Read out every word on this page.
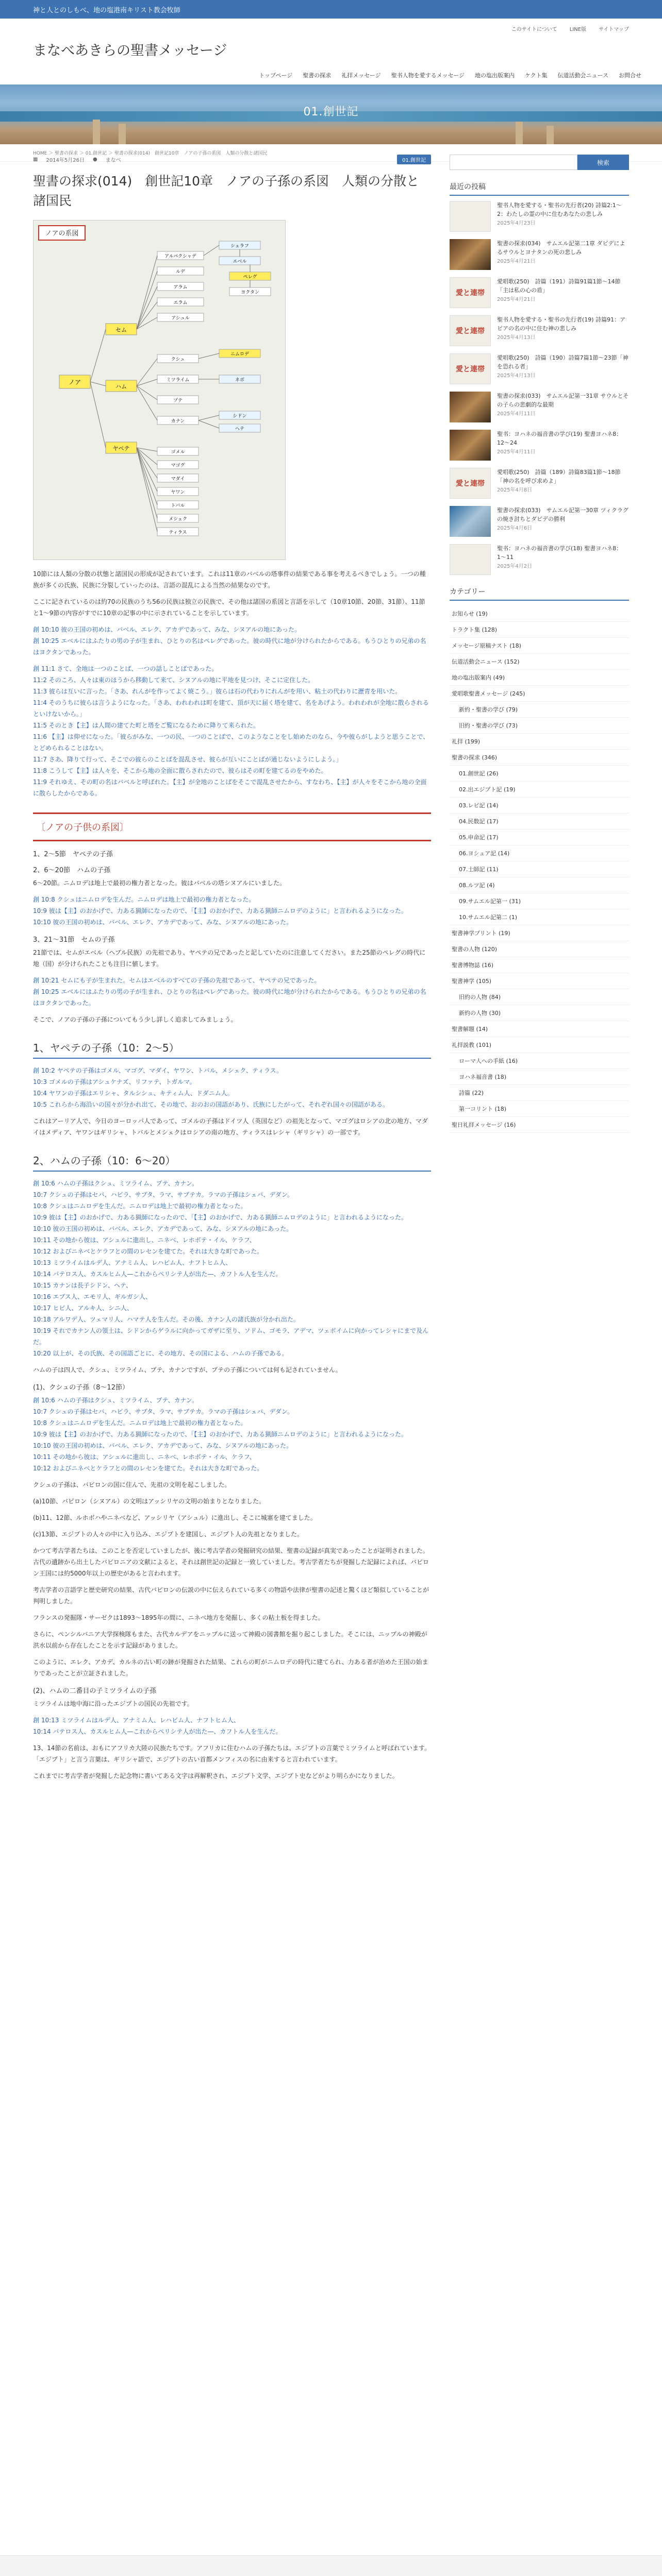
神と人とのしもべ、地の塩港南キリスト教会牧師
このサイトについて LINE版 サイトマップ
まなべあきらの聖書メッセージ
トップページ 聖書の探求 礼拝メッセージ 聖书人物を愛するメッセージ 地の塩出版案内 ケクト集 伝道活動会ニュース お問合せ
01.創世記
HOME ＞ 聖書の探求 ＞ 01.創世記 ＞ 聖書の探求(014)　創世記10章　ノアの子孫の系図　人類の分散と諸国民
▦ 2014年5月26日 ● まなべ	01.創世記
聖書の探求(014)　創世記10章　ノアの子孫の系図　人類の分散と諸国民
ノアの系図
ノア
セム
ハム
ヤペテ
アルパクシャデ
ルデ
アラム
エラム
アシュル
シェラフ
エベル
ペレグ
ヨクタン
クシュ
ミツライム
プテ
カナン
ニムロデ
シドン
ヘテ
ゴメル
マゴグ
マダイ
ヤワン
トバル
メシェク
ティラス
ネボ

10節には人類の分散の状態と諸国民の形成が記されています。これは11章のバベルの塔事件の結果である事を考えるべきでしょう。一つの種族が多くの氏族、民族に分裂していったのは、言語の混乱による当然の結果なのです。

ここに記されているのは約70の民族のうち56の民族は独立の民族で、その他は諸国の系図と言語を示して（10章10節、20節、31節）、11節と1〜9節の内容がすでに10章の記事の中に示されていることを示しています。

創 10:10 彼の王国の初めは、バベル、エレク、アカデであって、みな、シヌアルの地にあった。
創 10:25 エベルにはふたりの男の子が生まれ、ひとりの名はペレグであった。彼の時代に地が分けられたからである。もうひとりの兄弟の名はヨクタンであった。
創 11:1 さて、全地は一つのことば、一つの話しことばであった。
11:2 そのころ、人々は東のほうから移動して来て、シヌアルの地に平地を見つけ、そこに定住した。
11:3 彼らは互いに言った。「さあ、れんがを作ってよく焼こう。」彼らは石の代わりにれんがを用い、粘土の代わりに瀝青を用いた。
11:4 そのうちに彼らは言うようになった。「さあ、われわれは町を建て、頂が天に届く塔を建て、名をあげよう。われわれが全地に散らされるといけないから。」
11:5 そのとき【主】は人間の建てた町と塔をご覧になるために降りて来られた。
11:6 【主】は仰せになった。「彼らがみな、一つの民、一つのことばで、このようなことをし始めたのなら、今や彼らがしようと思うことで、とどめられることはない。
11:7 さあ、降りて行って、そこでの彼らのことばを混乱させ、彼らが互いにことばが通じないようにしよう。」
11:8 こうして【主】は人々を、そこから地の全面に散らされたので、彼らはその町を建てるのをやめた。
11:9 それゆえ、その町の名はバベルと呼ばれた。【主】が全地のことばをそこで混乱させたから、すなわち、【主】が人々をそこから地の全面に散らしたからである。
〔ノアの子供の系図〕
1、2〜5節　ヤペテの子孫
2、6〜20節　ハムの子孫

6〜20節。ニムロデは地上で最初の権力者となった。彼はバベルの塔シヌアルにいました。

創 10:8 クシュはニムロデを生んだ。ニムロデは地上で最初の権力者となった。
10:9 彼は【主】のおかげで、力ある猟師になったので、「【主】のおかげで、力ある猟師ニムロデのように」と言われるようになった。
10:10 彼の王国の初めは、バベル、エレク、アカデであって、みな、シヌアルの地にあった。
3、21〜31節　セムの子孫

21節では、セムがエベル（ヘブル民族）の先祖であり、ヤペテの兄であったと記していたのに注意してください。また25節のペレグの時代に地（国）が分けられたことも注目に値します。

創 10:21 セムにも子が生まれた。セムはエベルのすべての子孫の先祖であって、ヤペテの兄であった。
創 10:25 エベルにはふたりの男の子が生まれ、ひとりの名はペレグであった。彼の時代に地が分けられたからである。もうひとりの兄弟の名はヨクタンであった。

そこで、ノアの子孫の子孫についてもう少し詳しく追求してみましょう。

1、ヤペテの子孫（10：2〜5）
創 10:2 ヤペテの子孫はゴメル、マゴグ、マダイ、ヤワン、トバル、メシェク、ティラス。
10:3 ゴメルの子孫はアシュケナズ、リファテ、トガルマ。
10:4 ヤワンの子孫はエリシャ、タルシシュ、キティム人、ドダニム人。
10:5 これらから海沿いの国々が分かれ出て、その地で、おのおの国語があり、氏族にしたがって、それぞれ国々の国語がある。

これはアーリア人で、今日のヨーロッパ人であって、ゴメルの子孫はドイツ人（英国など）の祖先となって、マゴグはロシアの北の地方、マダイはメディア、ヤワンはギリシャ、トバルとメシェクはロシアの南の地方、ティラスはレシャ（ギリシャ）の一部です。

2、ハムの子孫（10：6〜20）
創 10:6 ハムの子孫はクシュ、ミツライム、プテ、カナン。
10:7 クシュの子孫はセバ、ハビラ、サブタ、ラマ、サブテカ。ラマの子孫はシェバ、デダン。
10:8 クシュはニムロデを生んだ。ニムロデは地上で最初の権力者となった。
10:9 彼は【主】のおかげで、力ある猟師になったので、「【主】のおかげで、力ある猟師ニムロデのように」と言われるようになった。
10:10 彼の王国の初めは、バベル、エレク、アカデであって、みな、シヌアルの地にあった。
10:11 その地から彼は、アシュルに進出し、ニネベ、レホボテ・イル、ケラフ、
10:12 およびニネベとケラフとの間のレセンを建てた。それは大きな町であった。
10:13 ミツライムはルデ人、アナミム人、レハビム人、ナフトヒム人、
10:14 パテロス人、カスルヒム人—これからペリシテ人が出た—、カフトル人を生んだ。
10:15 カナンは長子シドン、ヘテ、
10:16 エブス人、エモリ人、ギルガシ人、
10:17 ヒビ人、アルキ人、シニ人、
10:18 アルワデ人、ツェマリ人、ハマテ人を生んだ。その後、カナン人の諸氏族が分かれ出た。
10:19 それでカナン人の領土は、シドンからゲラルに向かってガザに至り、ソドム、ゴモラ、アデマ、ツェボイムに向かってレシャにまで及んだ。
10:20 以上が、その氏族、その国語ごとに、その地方、その国による、ハムの子孫である。

ハムの子は四人で、クシュ、ミツライム、プテ、カナンですが、プテの子孫については何も記されていません。

(1)、クシュの子孫（8〜12節）
創 10:6 ハムの子孫はクシュ、ミツライム、プテ、カナン。
10:7 クシュの子孫はセバ、ハビラ、サブタ、ラマ、サブテカ。ラマの子孫はシェバ、デダン。
10:8 クシュはニムロデを生んだ。ニムロデは地上で最初の権力者となった。
10:9 彼は【主】のおかげで、力ある猟師になったので、「【主】のおかげで、力ある猟師ニムロデのように」と言われるようになった。
10:10 彼の王国の初めは、バベル、エレク、アカデであって、みな、シヌアルの地にあった。
10:11 その地から彼は、アシュルに進出し、ニネベ、レホボテ・イル、ケラフ、
10:12 およびニネベとケラフとの間のレセンを建てた。それは大きな町であった。

クシュの子孫は、バビロンの国に住んで、先祖の文明を起こしました。

(a)10節、バビロン（シヌアル）の文明はアッシリヤの文明の始まりとなりました。

(b)11、12節、ルホボハやニネベなど、アッシリヤ（アシュル）に進出し、そこに城塞を建てました。

(c)13節、エジプトの人々の中に入り込み、エジプトを建国し、エジプト人の先祖となりました。

かつて考古学者たちは、このことを否定していましたが、後に考古学者の発掘研究の結果、聖書の記録が真実であったことが証明されました。古代の遺跡から出土したバビロニアの文献によると、それは創世記の記録と一致していました。考古学者たちが発掘した記録によれば、バビロン王国には約5000年以上の歴史があると言われます。

考古学者の言語学と歴史研究の結果、古代バビロンの伝説の中に伝えられている多くの物語や法律が聖書の記述と驚くほど類似していることが判明しました。

フランスの発掘隊・サーゼクは1893〜1895年の間に、ニネベ地方を発掘し、多くの粘土板を得ました。

さらに、ペンシルバニア大学探検隊もまた、古代カルデアをニップルに送って神殿の図書館を掘り起こしました。そこには、ニップルの神殿が洪水以前から存在したことを示す記録がありました。

このように、エレク、アカデ、カルネの古い町の跡が発掘された結果、これらの町がニムロデの時代に建てられ、力ある者が治めた王国の始まりであったことが立証されました。

(2)、ハムの二番目の子ミツライムの子孫

ミツライムは地中海に沿ったエジプトの国民の先祖です。

創 10:13 ミツライムはルデ人、アナミム人、レハビム人、ナフトヒム人、
10:14 パテロス人、カスルヒム人—これからペリシテ人が出た—、カフトル人を生んだ。

13、14節の名前は、おもにアフリカ大陸の民族たちです。アフリカに住むハムの子孫たちは、エジプトの言葉でミツライムと呼ばれています。「エジプト」と言う言葉は、ギリシャ語で、エジプトの古い首都メンフィスの名に由来すると言われています。

これまでに考古学者が発掘した記念物に書いてある文字は再解釈され、エジプト文学、エジプト史などがより明らかになりました。

検索
最近の投稿
聖书人物を愛する・聖书の先行者(20) 詩篇2:1～2：わたしの霊の中に住むあなたの悲しみ
2025年4月23日
聖書の探求(034)　サムエル記第二1章 ダビデによるサウルとヨナタンの死の悲しみ
2025年4月21日
愛と連帯
愛唱歌(250)　詩篇（191）詩篇91篇1節〜14節「主は私の心の盾」
2025年4月21日
愛と連帯
聖书人物を愛する・聖书の先行者(19) 詩篇91：アビアの名の中に住む神の悲しみ
2025年4月13日
愛と連帯
愛唱歌(250)　詩篇（190）詩篇7篇1節〜23節「神を恐れる者」
2025年4月13日
聖書の探求(033)　サムエル記第一31章 サウルとその子らの悲劇的な最期
2025年4月11日
聖书：ヨハネの福音書の学び(19) 聖書ヨハネ8：12〜24
2025年4月11日
愛と連帯
愛唱歌(250)　詩篇（189）詩篇83篇1節〜18節「神の名を呼び求めよ」
2025年4月8日
聖書の探求(033)　サムエル記第一30章 ツィクラグの焼き討ちとダビデの勝利
2025年4月6日
聖书：ヨハネの福音書の学び(18) 聖書ヨハネ8：1〜11
2025年4月2日
カテゴリー
お知らせ (19)
トラクト集 (128)
メッセージ原稿ナスト (18)
伝道活動会ニュース (152)
地の塩出版案内 (49)
愛唱歌聖書メッセージ (245)
新約・聖書の学び (79)
旧約・聖書の学び (73)
礼拝 (199)
聖書の探求 (346)
01.創世記 (26)
02.出エジプト記 (19)
03.レビ記 (14)
04.民数記 (17)
05.申命記 (17)
06.ヨシュア記 (14)
07.士師記 (11)
08.ルツ記 (4)
09.サムエル記第一 (31)
10.サムエル記第二 (1)
聖書神学プリント (19)
聖書の人物 (120)
聖書博物誌 (16)
聖書神学 (105)
旧約の人物 (84)
新約の人物 (30)
聖書解題 (14)
礼拝説教 (101)
ローマ人への手紙 (16)
ヨハネ福音書 (18)
詩篇 (22)
第一コリント (18)
聖日礼拝メッセージ (16)
